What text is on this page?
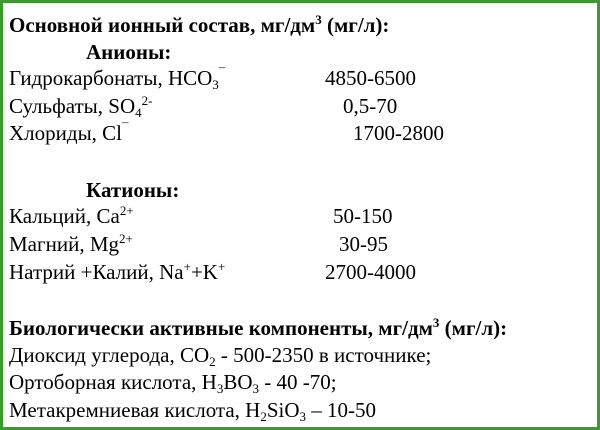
Основной ионный состав, $мг/дм^3$ (мг/л):
Анионы:
Гидрокарбонаты, $HCO_3^¯$	4850-6500
Сульфаты, $SO_4^{2-}$	0,5-70
Хлориды, Cl¯	1700-2800
Катионы:
Кальций, $Ca^{2+}$	50-150
Магний, $Mg^{2+}$	30-95
Натрий +Калий, Na++K+	2700-4000
Биологически активные компоненты, $мг/дм^3$ (мг/л):
Диоксид углерода, $CO_2 - 500-2350$ в источнике;
Ортоборная кислота, $H_3BO_3 - 40$ -70;
Метакремниевая кислота, $H_2SiO_3 - 10-50$
